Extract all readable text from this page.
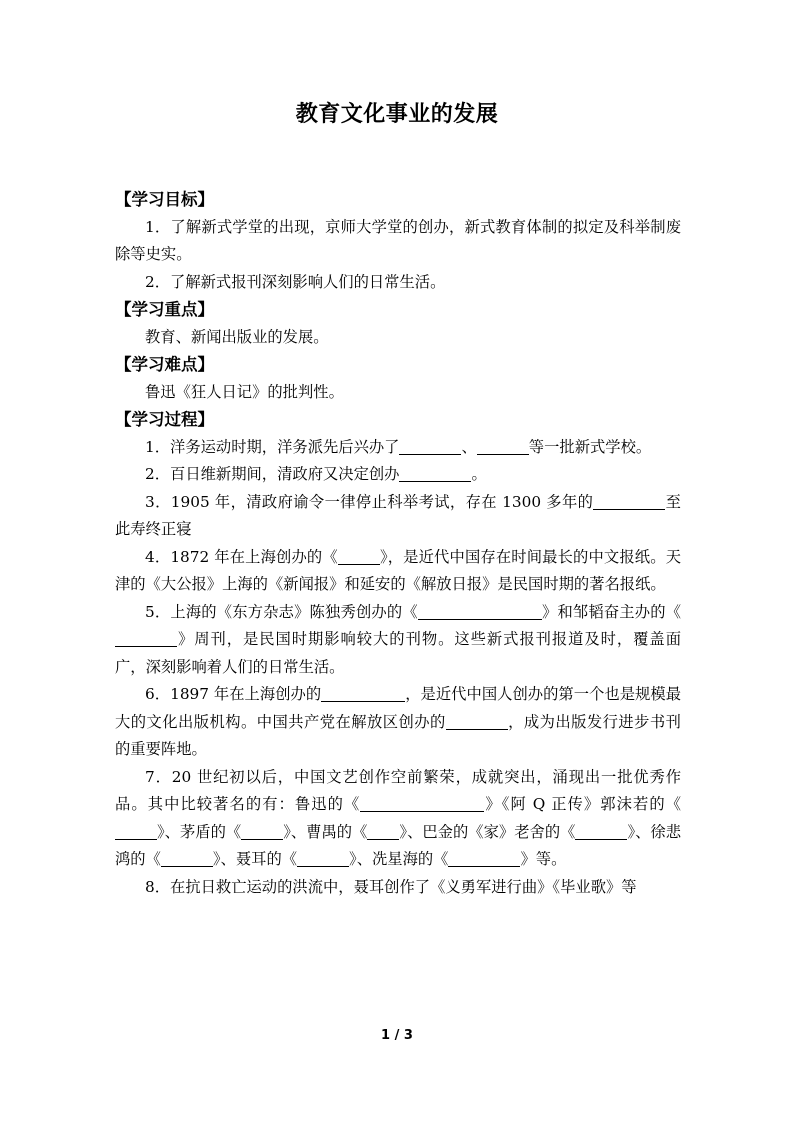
教育文化事业的发展

【学习目标】

1．了解新式学堂的出现，京师大学堂的创办，新式教育体制的拟定及科举制废除等史实。

2．了解新式报刊深刻影响人们的日常生活。

【学习重点】

教育、新闻出版业的发展。

【学习难点】

鲁迅《狂人日记》的批判性。

【学习过程】

1．洋务运动时期，洋务派先后兴办了	、	等一批新式学校。

2．百日维新期间，清政府又决定创办	。

3．1905 年，清政府谕令一律停止科举考试，存在 1300 多年的	至此寿终正寝

4．1872 年在上海创办的《	》，是近代中国存在时间最长的中文报纸。天津的《大公报》上海的《新闻报》和延安的《解放日报》是民国时期的著名报纸。

5．上海的《东方杂志》陈独秀创办的《	》和邹韬奋主办的《》周刊，是民国时期影响较大的刊物。这些新式报刊报道及时，覆盖面广，深刻影响着人们的日常生活。

6．1897 年在上海创办的	，是近代中国人创办的第一个也是规模最大的文化出版机构。中国共产党在解放区创办的	，成为出版发行进步书刊的重要阵地。

7．20 世纪初以后，中国文艺创作空前繁荣，成就突出，涌现出一批优秀作品。其中比较著名的有：鲁迅的《	》《阿 Q 正传》郭沫若的《》、茅盾的《	》、曹禺的《 》、巴金的《家》老舍的《	》、徐悲鸿的《	》、聂耳的《	》、冼星海的《	》等。

8．在抗日救亡运动的洪流中，聂耳创作了《义勇军进行曲》《毕业歌》等

1 / 3
